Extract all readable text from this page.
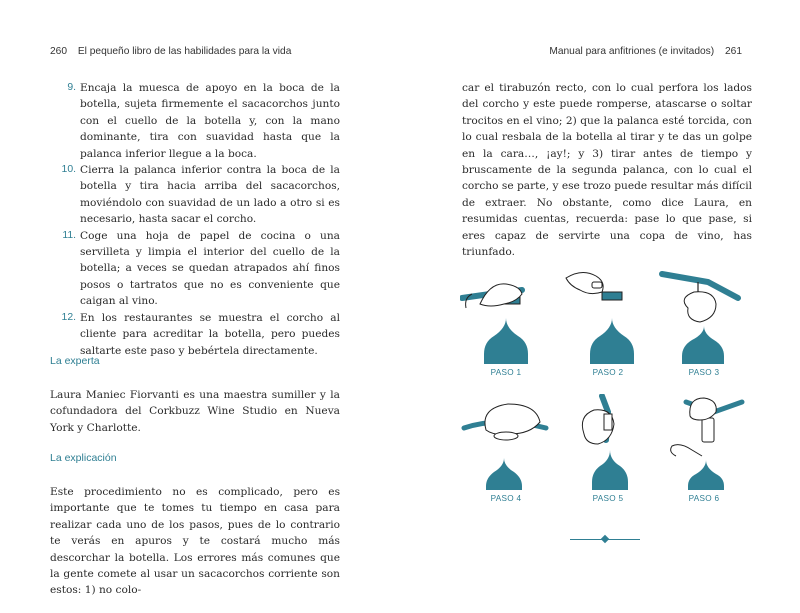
260 El pequeño libro de las habilidades para la vida	Manual para anfitriones (e invitados) 261
9. Encaja la muesca de apoyo en la boca de la botella, sujeta firmemente el sacacorchos junto con el cuello de la botella y, con la mano dominante, tira con suavidad hasta que la palanca inferior llegue a la boca.
10. Cierra la palanca inferior contra la boca de la botella y tira hacia arriba del sacacorchos, moviéndolo con suavidad de un lado a otro si es necesario, hasta sacar el corcho.
11. Coge una hoja de papel de cocina o una servilleta y limpia el interior del cuello de la botella; a veces se quedan atrapados ahí finos posos o tartratos que no es conveniente que caigan al vino.
12. En los restaurantes se muestra el corcho al cliente para acreditar la botella, pero puedes saltarte este paso y bebértela directamente.
La experta

Laura Maniec Fiorvanti es una maestra sumiller y la cofundadora del Corkbuzz Wine Studio en Nueva York y Charlotte.

La explicación

Este procedimiento no es complicado, pero es importante que te tomes tu tiempo en casa para realizar cada uno de los pasos, pues de lo contrario te verás en apuros y te costará mucho más descorchar la botella. Los errores más comunes que la gente comete al usar un sacacorchos corriente son estos: 1) no colo-

car el tirabuzón recto, con lo cual perfora los lados del corcho y este puede romperse, atascarse o soltar trocitos en el vino; 2) que la palanca esté torcida, con lo cual resbala de la botella al tirar y te das un golpe en la cara…, ¡ay!; y 3) tirar antes de tiempo y bruscamente de la segunda palanca, con lo cual el corcho se parte, y ese trozo puede resultar más difícil de extraer. No obstante, como dice Laura, en resumidas cuentas, recuerda: pase lo que pase, si eres capaz de servirte una copa de vino, has triunfado.

PASO 1	PASO 2	PASO 3
PASO 4	PASO 5	PASO 6
